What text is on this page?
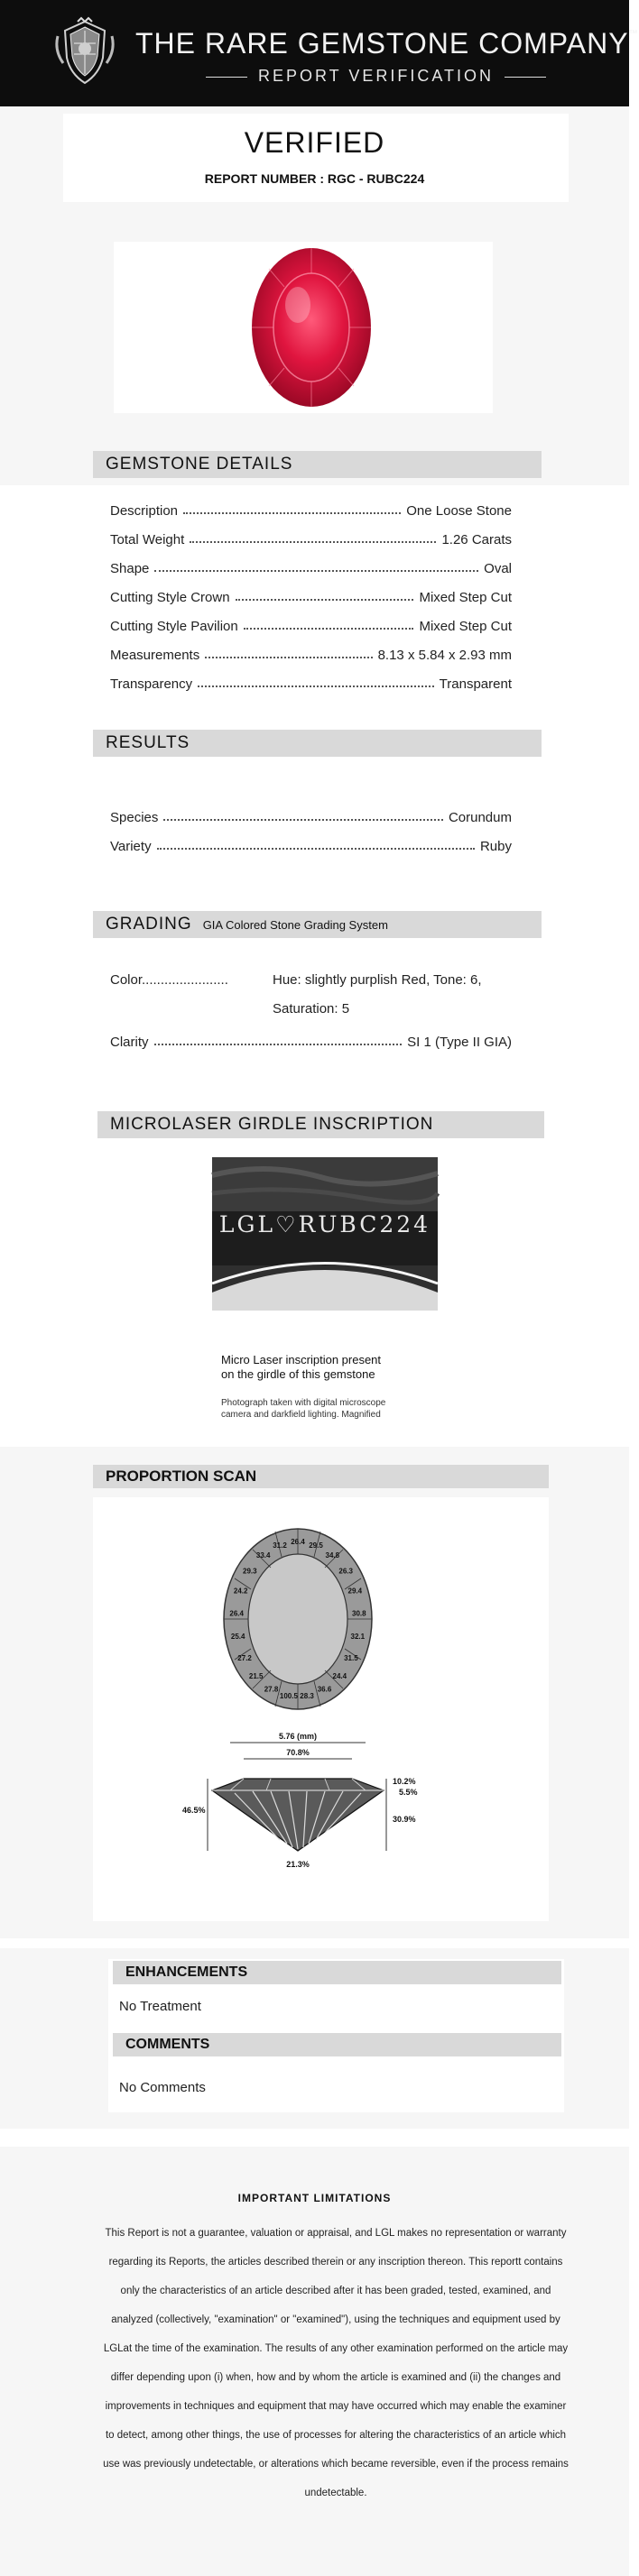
THE RARE GEMSTONE COMPANY™
REPORT VERIFICATION
VERIFIED
REPORT NUMBER : RGC - RUBC224
GEMSTONE DETAILS
Description	One Loose Stone
Total Weight	1.26 Carats
Shape	Oval
Cutting Style Crown	Mixed Step Cut
Cutting Style Pavilion	Mixed Step Cut
Measurements	8.13 x 5.84 x 2.93 mm
Transparency	Transparent
RESULTS
Species	Corundum
Variety	Ruby
GRADING GIA Colored Stone Grading System
Color.......................	Hue: slightly purplish Red, Tone: 6,
Saturation: 5
Clarity	SI 1 (Type II GIA)
MICROLASER GIRDLE INSCRIPTION
LGL♡RUBC224
Micro Laser inscription present
on the girdle of this gemstone
Photograph taken with digital microscope
camera and darkfield lighting. Magnified
PROPORTION SCAN
26.4 29.5
34.8
26.3
29.4
30.8
32.1
31.5
24.4
36.6
28.3
100.5
27.8
21.5
27.2
25.4
26.4
24.2
29.3
33.4
31.2
5.76 (mm)
70.8%
10.2%
5.5%
30.9%
46.5%
21.3%
ENHANCEMENTS
No Treatment
COMMENTS
No Comments
IMPORTANT LIMITATIONS
This Report is not a guarantee, valuation or appraisal, and LGL makes no representation or warranty regarding its Reports, the articles described therein or any inscription thereon. This reportt contains only the characteristics of an article described after it has been graded, tested, examined, and analyzed (collectively, "examination" or "examined"), using the techniques and equipment used by LGLat the time of the examination. The results of any other examination performed on the article may differ depending upon (i) when, how and by whom the article is examined and (ii) the changes and improvements in techniques and equipment that may have occurred which may enable the examiner to detect, among other things, the use of processes for altering the characteristics of an article which use was previously undetectable, or alterations which became reversible, even if the process remains undetectable.
